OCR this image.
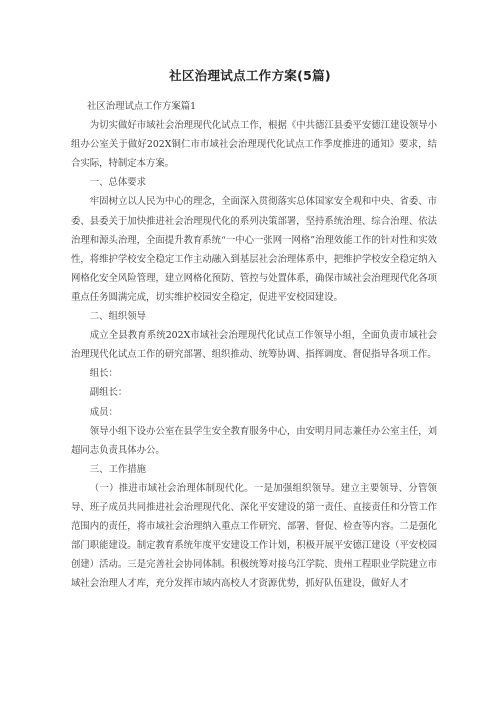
社区治理试点工作方案(5篇)

社区治理试点工作方案篇1

为切实做好市域社会治理现代化试点工作，根据《中共德江县委平安德江建设领导小组办公室关于做好202X铜仁市市域社会治理现代化试点工作季度推进的通知》要求，结合实际，特制定本方案。

一、总体要求

牢固树立以人民为中心的理念，全面深入贯彻落实总体国家安全观和中央、省委、市委、县委关于加快推进社会治理现代化的系列决策部署，坚持系统治理、综合治理、依法治理和源头治理，全面提升教育系统“一中心一张网一网格”治理效能工作的针对性和实效性，将维护学校安全稳定工作主动融入到基层社会治理体系中，把维护学校安全稳定纳入网格化安全风险管理，建立网格化预防、管控与处置体系，确保市域社会治理现代化各项重点任务圆满完成，切实维护校园安全稳定，促进平安校园建设。

二、组织领导

成立全县教育系统202X市域社会治理现代化试点工作领导小组，全面负责市域社会治理现代化试点工作的研究部署、组织推动、统筹协调、指挥调度、督促指导各项工作。

组长：

副组长：

成员：

领导小组下设办公室在县学生安全教育服务中心，由安明月同志兼任办公室主任，刘超同志负责具体办公。

三、工作措施

（一）推进市域社会治理体制现代化。一是加强组织领导。建立主要领导、分管领导、班子成员共同推进社会治理现代化、深化平安建设的第一责任、直接责任和分管工作范围内的责任，将市域社会治理纳入重点工作研究、部署、督促、检查等内容。二是强化部门职能建设。制定教育系统年度平安建设工作计划，积极开展平安德江建设（平安校园创建）活动。三是完善社会协同体制。积极统筹对接乌江学院、贵州工程职业学院建立市域社会治理人才库，充分发挥市域内高校人才资源优势，抓好队伍建设，做好人才
